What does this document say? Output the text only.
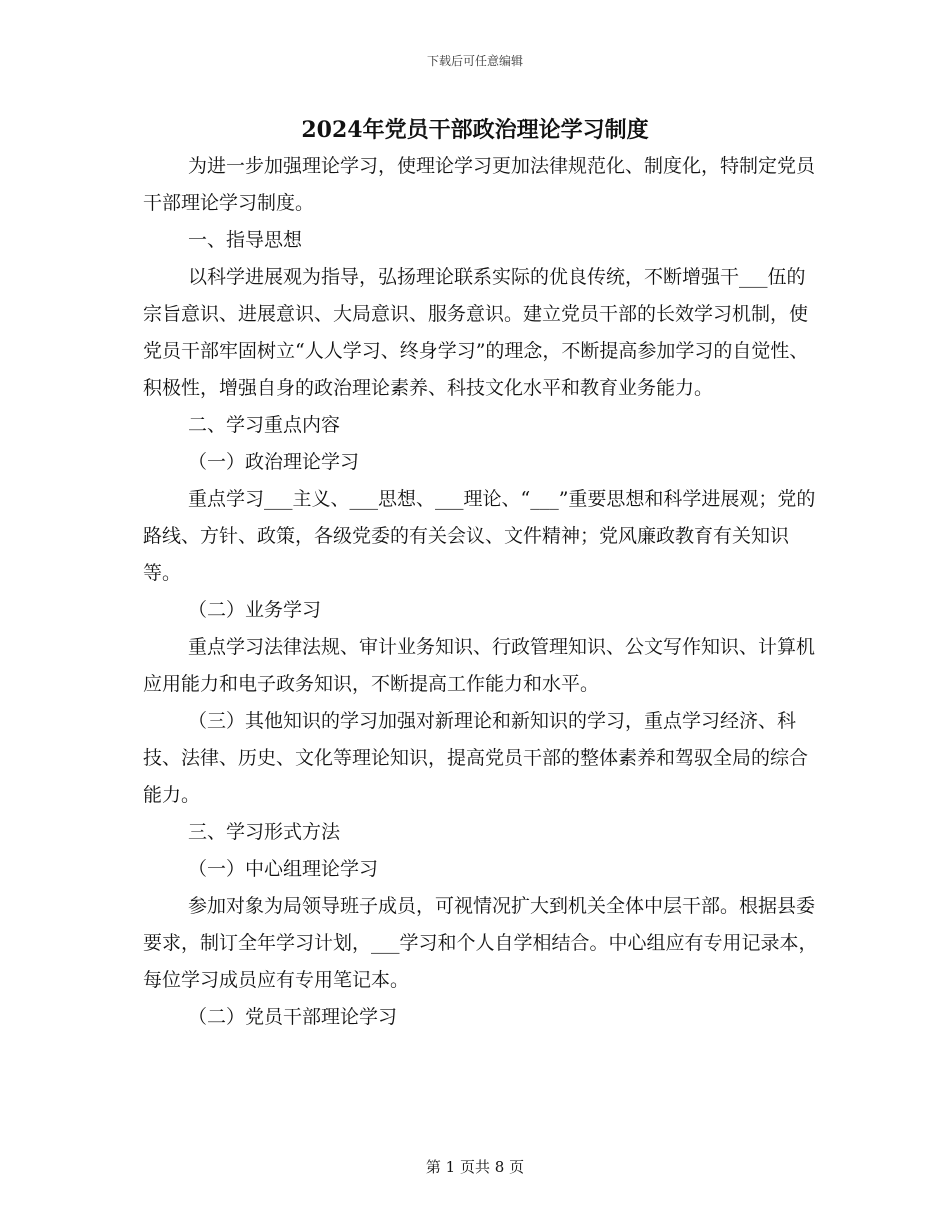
下载后可任意编辑
2024年党员干部政治理论学习制度

为进一步加强理论学习，使理论学习更加法律规范化、制度化，特制定党员干部理论学习制度。

一、指导思想

以科学进展观为指导，弘扬理论联系实际的优良传统，不断增强干___伍的宗旨意识、进展意识、大局意识、服务意识。建立党员干部的长效学习机制，使党员干部牢固树立“人人学习、终身学习”的理念，不断提高参加学习的自觉性、积极性，增强自身的政治理论素养、科技文化水平和教育业务能力。

二、学习重点内容

（一）政治理论学习

重点学习___主义、___思想、___理论、“___”重要思想和科学进展观；党的路线、方针、政策，各级党委的有关会议、文件精神；党风廉政教育有关知识等。

（二）业务学习

重点学习法律法规、审计业务知识、行政管理知识、公文写作知识、计算机应用能力和电子政务知识，不断提高工作能力和水平。

（三）其他知识的学习加强对新理论和新知识的学习，重点学习经济、科技、法律、历史、文化等理论知识，提高党员干部的整体素养和驾驭全局的综合能力。

三、学习形式方法

（一）中心组理论学习

参加对象为局领导班子成员，可视情况扩大到机关全体中层干部。根据县委要求，制订全年学习计划，___学习和个人自学相结合。中心组应有专用记录本，每位学习成员应有专用笔记本。

（二）党员干部理论学习

第 1 页共 8 页
